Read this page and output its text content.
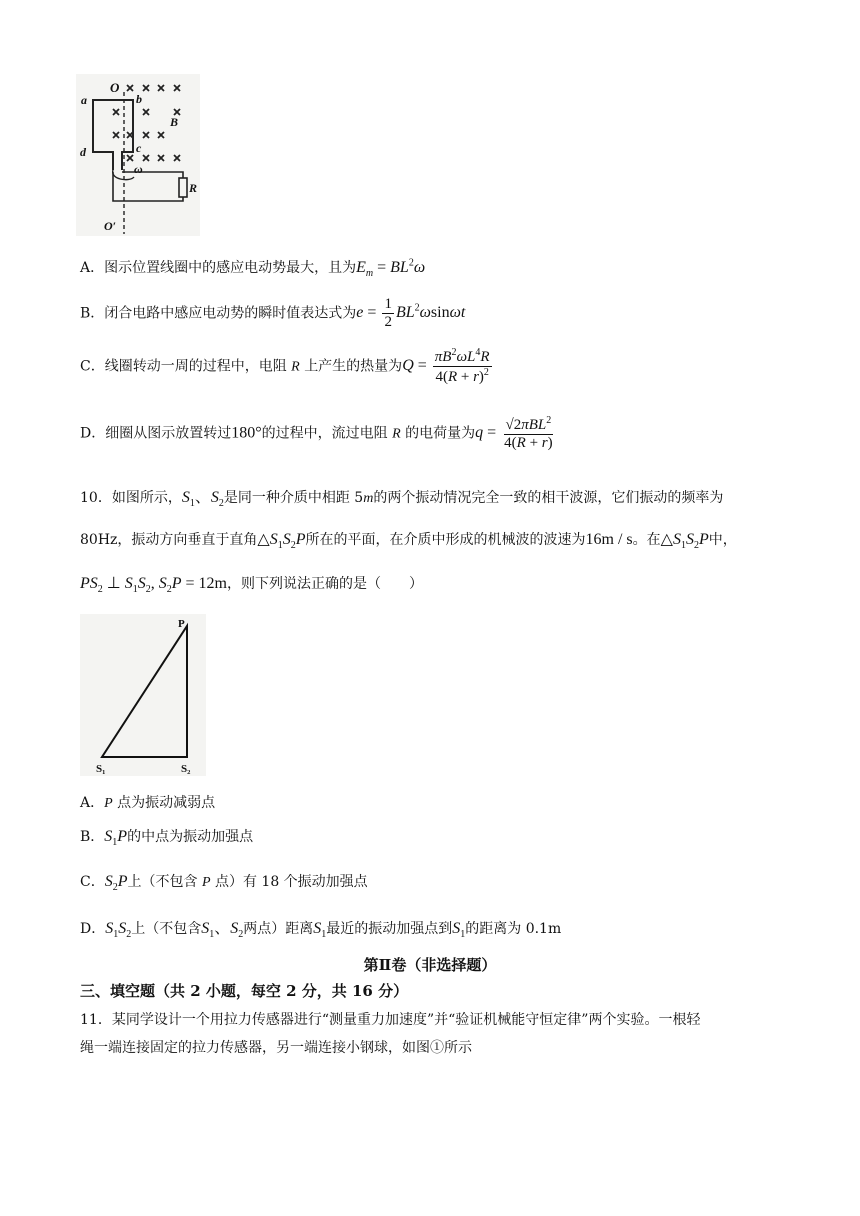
O
a	b
B
c
d
ω
R
O′
A．图示位置线圈中的感应电动势最大，且为$E_m = BL^2\omega$
B．闭合电路中感应电动势的瞬时值表达式为$e = \frac{1}{2} BL^2\omega\sin\omega t$
C．线圈转动一周的过程中，电阻 R 上产生的热量为$Q = \frac{\pi B^2\omega L^4R}{4(R + r)^2}$
D．细圈从图示放置转过180°的过程中，流过电阻 R 的电荷量为$q = \frac{√2\pi BL^2}{4(R + r)}$
10．如图所示，$S_1$、$S_2$是同一种介质中相距 5m的两个振动情况完全一致的相干波源，它们振动的频率为
80Hz，振动方向垂直于直角$\triangle S_1S_2P$所在的平面，在介质中形成的机械波的波速为16m / s。在$\triangle S_1S_2P$中，
$PS_2$ ⊥ $S_1S_2$, $S_2P = 12m$，则下列说法正确的是（　　）
P
S₁	S₂
A．P 点为振动减弱点
B．$S_1P$的中点为振动加强点
C．$S_2P$上（不包含 P 点）有 18 个振动加强点
D．$S_1S_2$上（不包含$S_1$、$S_2$两点）距离$S_1$最近的振动加强点到$S_1$的距离为 0.1m
第Ⅱ卷（非选择题）
三、填空题（共 2 小题，每空 2 分，共 16 分）
11．某同学设计一个用拉力传感器进行“测量重力加速度”并“验证机械能守恒定律”两个实验。一根轻
绳一端连接固定的拉力传感器，另一端连接小钢球，如图①所示
